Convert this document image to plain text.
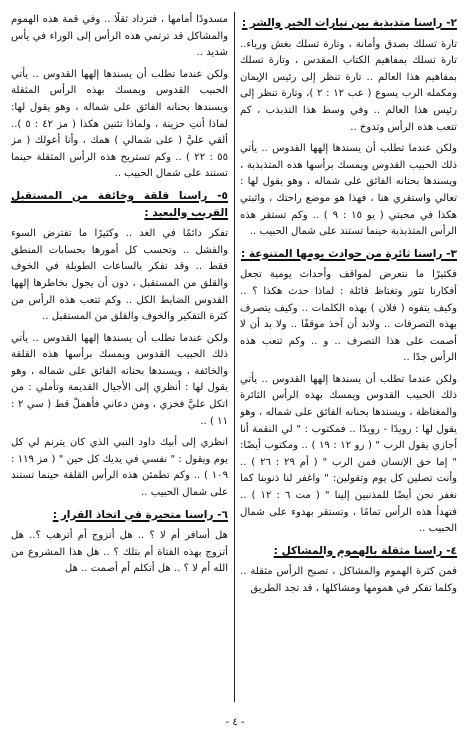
٢- راسنا متذبذبة بين تيارات الخير والشر :

تارة تسلك بصدق وأمانة ، وتارة تسلك بغش ورياء.. تارة تسلك بمفاهيم الكتاب المقدس ، وتارة تسلك بمفاهيم هذا العالم .. تارة تنظر إلى رئيس الإيمان ومكمله الرب يسوع ( عب ١٢ : ٢ )، وتارة تنظر إلى رئيس هذا العالم .. وفي وسط هذا التذبذب ، كم تتعب هذه الرأس وتدوخ ..

ولكن عندما تطلب أن يسندها إلهها القدوس .. يأتي ذلك الحبيب القدوس ويمسك برأسها هذه المتذبذبة ، ويسندها بحنانه الفائق على شماله ، وهو يقول لها : تعالي واستقري هنا ، فهذا هو موضع راحتك ، واثبتي هكذا في محبتي ( يو ١٥ : ٩ ) .. وكم تستقر هذه الرأس المتذبذبة حينما تستند على شمال الحبيب ..

٣- راسنا ثائرة من حوادث يومها المتنوعة :

فكثيرًا ما نتعرض لمواقف وأحداث يومية تجعل أفكارنا تثور وتغتاظ قائلة : لماذا حدث هكذا ؟ .. وكيف يتفوه ( فلان ) بهذه الكلمات .. وكيف يتصرف بهذه التصرفات .. ولابد أن آخذ موقفًا .. ولا بد أن لا أصمت على هذا التصرف .. و .. وكم تتعب هذه الرأس جدًا ..

ولكن عندما تطلب أن يسندها إلهها القدوس .. يأتي ذلك الحبيب القدوس ويمسك بهذه الرأس الثائرة والمغتاظة ، ويسندها بحنانه الفائق على شماله ، وهو يقول لها : رويدًا - رويدًا .. فمكتوب : " لي النقمة أنا أجازي يقول الرب " ( رو ١٢ : ١٩ ) .. ومكتوب أيضًا: " إما حق الإنسان فمن الرب " ( أم ٢٩ : ٢٦ ) .. وأنت تصلين كل يوم وتقولين: " واغفر لنا ذنوبنا كما نغفر نحن أيضًا للمذنبين إلينا " ( مت ٦ : ١٢ ) .. فتهدأ هذه الرأس تمامًا ، وتستقر بهدوء على شمال الحبيب ..

٤- راسنا مثقلة بالهموم والمشاكل :

فمن كثرة الهموم والمشاكل ، تصبح الرأس مثقلة .. وكلما تفكر في همومها ومشاكلها ، قد تجد الطريق

مسدودًا أمامها ، فتزداد ثقلًا .. وفي قمة هذه الهموم والمشاكل قد ترتمي هذه الرأس إلى الوراء في يأس شديد ..

ولكن عندما تطلب أن يسندها إلهها القدوس .. يأتي الحبيب القدوس ويمسك بهذه الرأس المثقلة ويسندها بحنانه الفائق على شماله ، وهو يقول لها: لماذا أنتِ حزينة ، ولماذا تئنين هكذا ( مز ٤٢ : ٥ ).. ألقي عليَّ ( على شمالي ) همك ، وأنا أعولك ( مز ٥٥ : ٢٢ ) .. وكم تستريح هذه الرأس المثقلة حينما تستند على شمال الحبيب ..

٥- راسنا قلقة وخائفة من المستقبل القريب والبعيد :

تفكر دائمًا في الغد .. وكثيرًا ما تفترض السوء والفشل .. وتحسب كل أمورها بحسابات المنطق فقط .. وقد تفكر بالساعات الطويلة في الخوف والقلق من المستقبل ، دون أن يجول بخاطرها إلهها القدوس الضابط الكل .. وكم تتعب هذه الرأس من كثرة التفكير والخوف والقلق من المستقبل ..

ولكن عندما تطلب أن يسندها إلهها القدوس .. يأتي ذلك الحبيب القدوس ويمسك برأسها هذه القلقة والخائفة ، ويسندها بحنانه الفائق على شماله ، وهو يقول لها : أنظري إلى الأجيال القديمة وتأملي : من اتكل عليَّ فخزي ، ومن دعاني فأهملْ قط ( سي ٢ : ١١ ) ..

انظري إلى أبيك داود النبي الذي كان يترنم لي كل يوم ويقول : " نفسي في يديك كل حين " ( مز ١١٩ : ١٠٩ ) .. وكم تطمئن هذه الرأس القلقة حينما تستند على شمال الحبيب ..

٦- راسنا متحيرة في اتخاذ القرار :

هل أسافر أم لا ؟ .. هل أتزوج أم أترهب ؟.. هل أتزوج بهذه الفتاة أم بتلك ؟ .. هل هذا المشروع من الله أم لا ؟ .. هل أتكلم أم أصمت .. هل

- ٤ -
